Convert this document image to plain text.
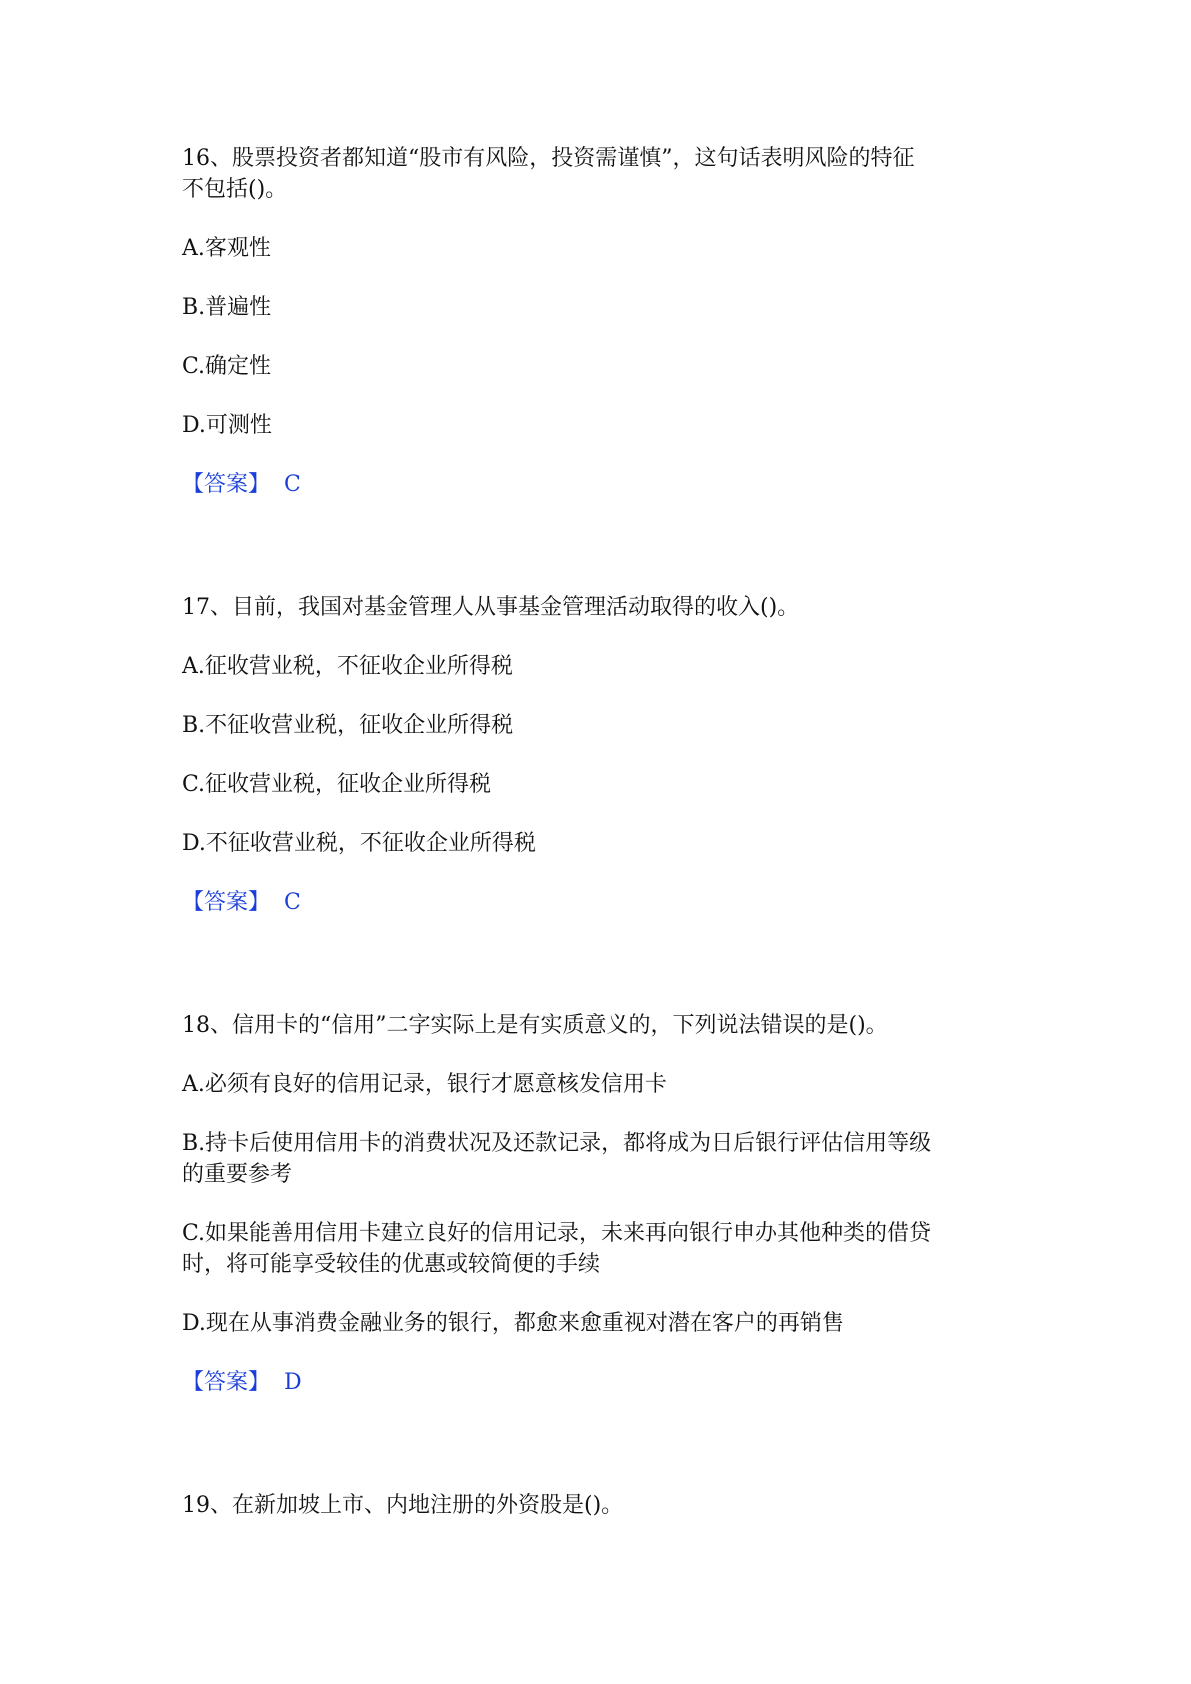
16、股票投资者都知道“股市有风险，投资需谨慎”，这句话表明风险的特征
不包括()。
A.客观性
B.普遍性
C.确定性
D.可测性
【答案】 C
17、目前，我国对基金管理人从事基金管理活动取得的收入()。
A.征收营业税，不征收企业所得税
B.不征收营业税，征收企业所得税
C.征收营业税，征收企业所得税
D.不征收营业税，不征收企业所得税
【答案】 C
18、信用卡的“信用”二字实际上是有实质意义的，下列说法错误的是()。
A.必须有良好的信用记录，银行才愿意核发信用卡
B.持卡后使用信用卡的消费状况及还款记录，都将成为日后银行评估信用等级
的重要参考
C.如果能善用信用卡建立良好的信用记录，未来再向银行申办其他种类的借贷
时，将可能享受较佳的优惠或较简便的手续
D.现在从事消费金融业务的银行，都愈来愈重视对潜在客户的再销售
【答案】 D
19、在新加坡上市、内地注册的外资股是()。
